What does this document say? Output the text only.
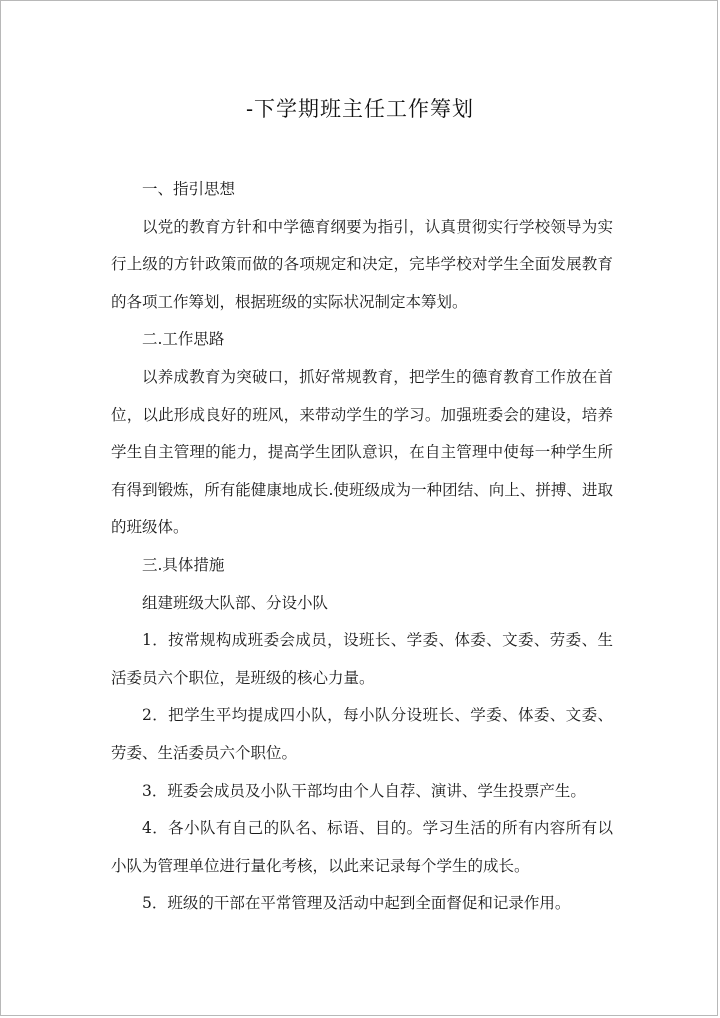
-下学期班主任工作筹划

一、指引思想

以党的教育方针和中学德育纲要为指引，认真贯彻实行学校领导为实行上级的方针政策而做的各项规定和决定，完毕学校对学生全面发展教育的各项工作筹划，根据班级的实际状况制定本筹划。

二.工作思路

以养成教育为突破口，抓好常规教育，把学生的德育教育工作放在首位，以此形成良好的班风，来带动学生的学习。加强班委会的建设，培养学生自主管理的能力，提高学生团队意识，在自主管理中使每一种学生所有得到锻炼，所有能健康地成长.使班级成为一种团结、向上、拼搏、进取的班级体。

三.具体措施

组建班级大队部、分设小队

1．按常规构成班委会成员，设班长、学委、体委、文委、劳委、生活委员六个职位，是班级的核心力量。

2．把学生平均提成四小队，每小队分设班长、学委、体委、文委、劳委、生活委员六个职位。

3．班委会成员及小队干部均由个人自荐、演讲、学生投票产生。

4．各小队有自己的队名、标语、目的。学习生活的所有内容所有以小队为管理单位进行量化考核，以此来记录每个学生的成长。

5．班级的干部在平常管理及活动中起到全面督促和记录作用。
